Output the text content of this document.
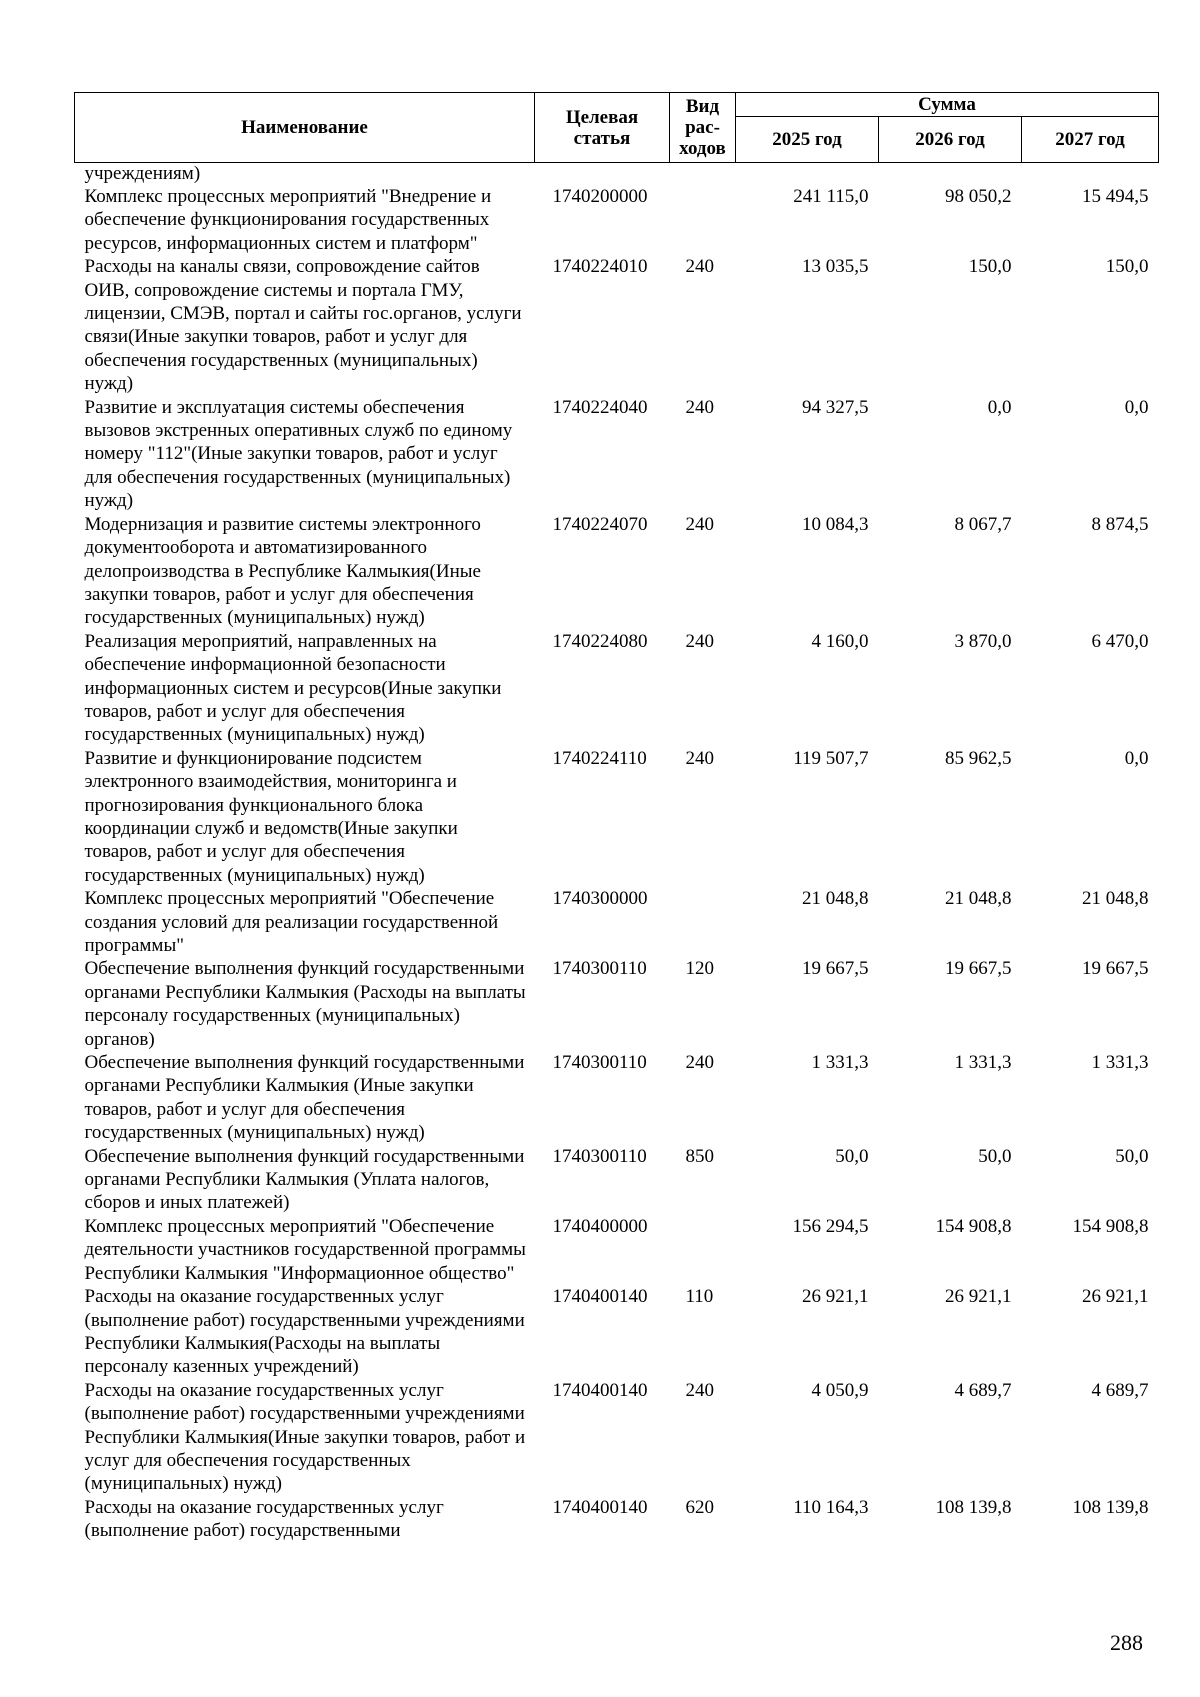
Наименование	Целевая статья	Вид рас-ходов	Сумма		
			2025 год	2026 год	2027 год
учреждениям)					
Комплекс процессных мероприятий "Внедрение и обеспечение функционирования государственных ресурсов, информационных систем и платформ"	1740200000		241 115,0	98 050,2	15 494,5
Расходы на каналы связи, сопровождение сайтов ОИВ, сопровождение системы и портала ГМУ, лицензии, СМЭВ, портал и сайты гос.органов, услуги связи(Иные закупки товаров, работ и услуг для обеспечения государственных (муниципальных) нужд)	1740224010	240	13 035,5	150,0	150,0
Развитие и эксплуатация системы обеспечения вызовов экстренных оперативных служб по единому номеру "112"(Иные закупки товаров, работ и услуг для обеспечения государственных (муниципальных) нужд)	1740224040	240	94 327,5	0,0	0,0
Модернизация и развитие системы электронного документооборота и автоматизированного делопроизводства в Республике Калмыкия(Иные закупки товаров, работ и услуг для обеспечения государственных (муниципальных) нужд)	1740224070	240	10 084,3	8 067,7	8 874,5
Реализация мероприятий, направленных на обеспечение информационной безопасности информационных систем и ресурсов(Иные закупки товаров, работ и услуг для обеспечения государственных (муниципальных) нужд)	1740224080	240	4 160,0	3 870,0	6 470,0
Развитие и функционирование подсистем электронного взаимодействия, мониторинга и прогнозирования функционального блока координации служб и ведомств(Иные закупки товаров, работ и услуг для обеспечения государственных (муниципальных) нужд)	1740224110	240	119 507,7	85 962,5	0,0
Комплекс процессных мероприятий "Обеспечение создания условий для реализации государственной программы"	1740300000		21 048,8	21 048,8	21 048,8
Обеспечение выполнения функций государственными органами Республики Калмыкия (Расходы на выплаты персоналу государственных (муниципальных) органов)	1740300110	120	19 667,5	19 667,5	19 667,5
Обеспечение выполнения функций государственными органами Республики Калмыкия (Иные закупки товаров, работ и услуг для обеспечения государственных (муниципальных) нужд)	1740300110	240	1 331,3	1 331,3	1 331,3
Обеспечение выполнения функций государственными органами Республики Калмыкия (Уплата налогов, сборов и иных платежей)	1740300110	850	50,0	50,0	50,0
Комплекс процессных мероприятий "Обеспечение деятельности участников государственной программы Республики Калмыкия "Информационное общество"	1740400000		156 294,5	154 908,8	154 908,8
Расходы на оказание государственных услуг (выполнение работ) государственными учреждениями Республики Калмыкия(Расходы на выплаты персоналу казенных учреждений)	1740400140	110	26 921,1	26 921,1	26 921,1
Расходы на оказание государственных услуг (выполнение работ) государственными учреждениями Республики Калмыкия(Иные закупки товаров, работ и услуг для обеспечения государственных (муниципальных) нужд)	1740400140	240	4 050,9	4 689,7	4 689,7
Расходы на оказание государственных услуг (выполнение работ) государственными	1740400140	620	110 164,3	108 139,8	108 139,8
288
